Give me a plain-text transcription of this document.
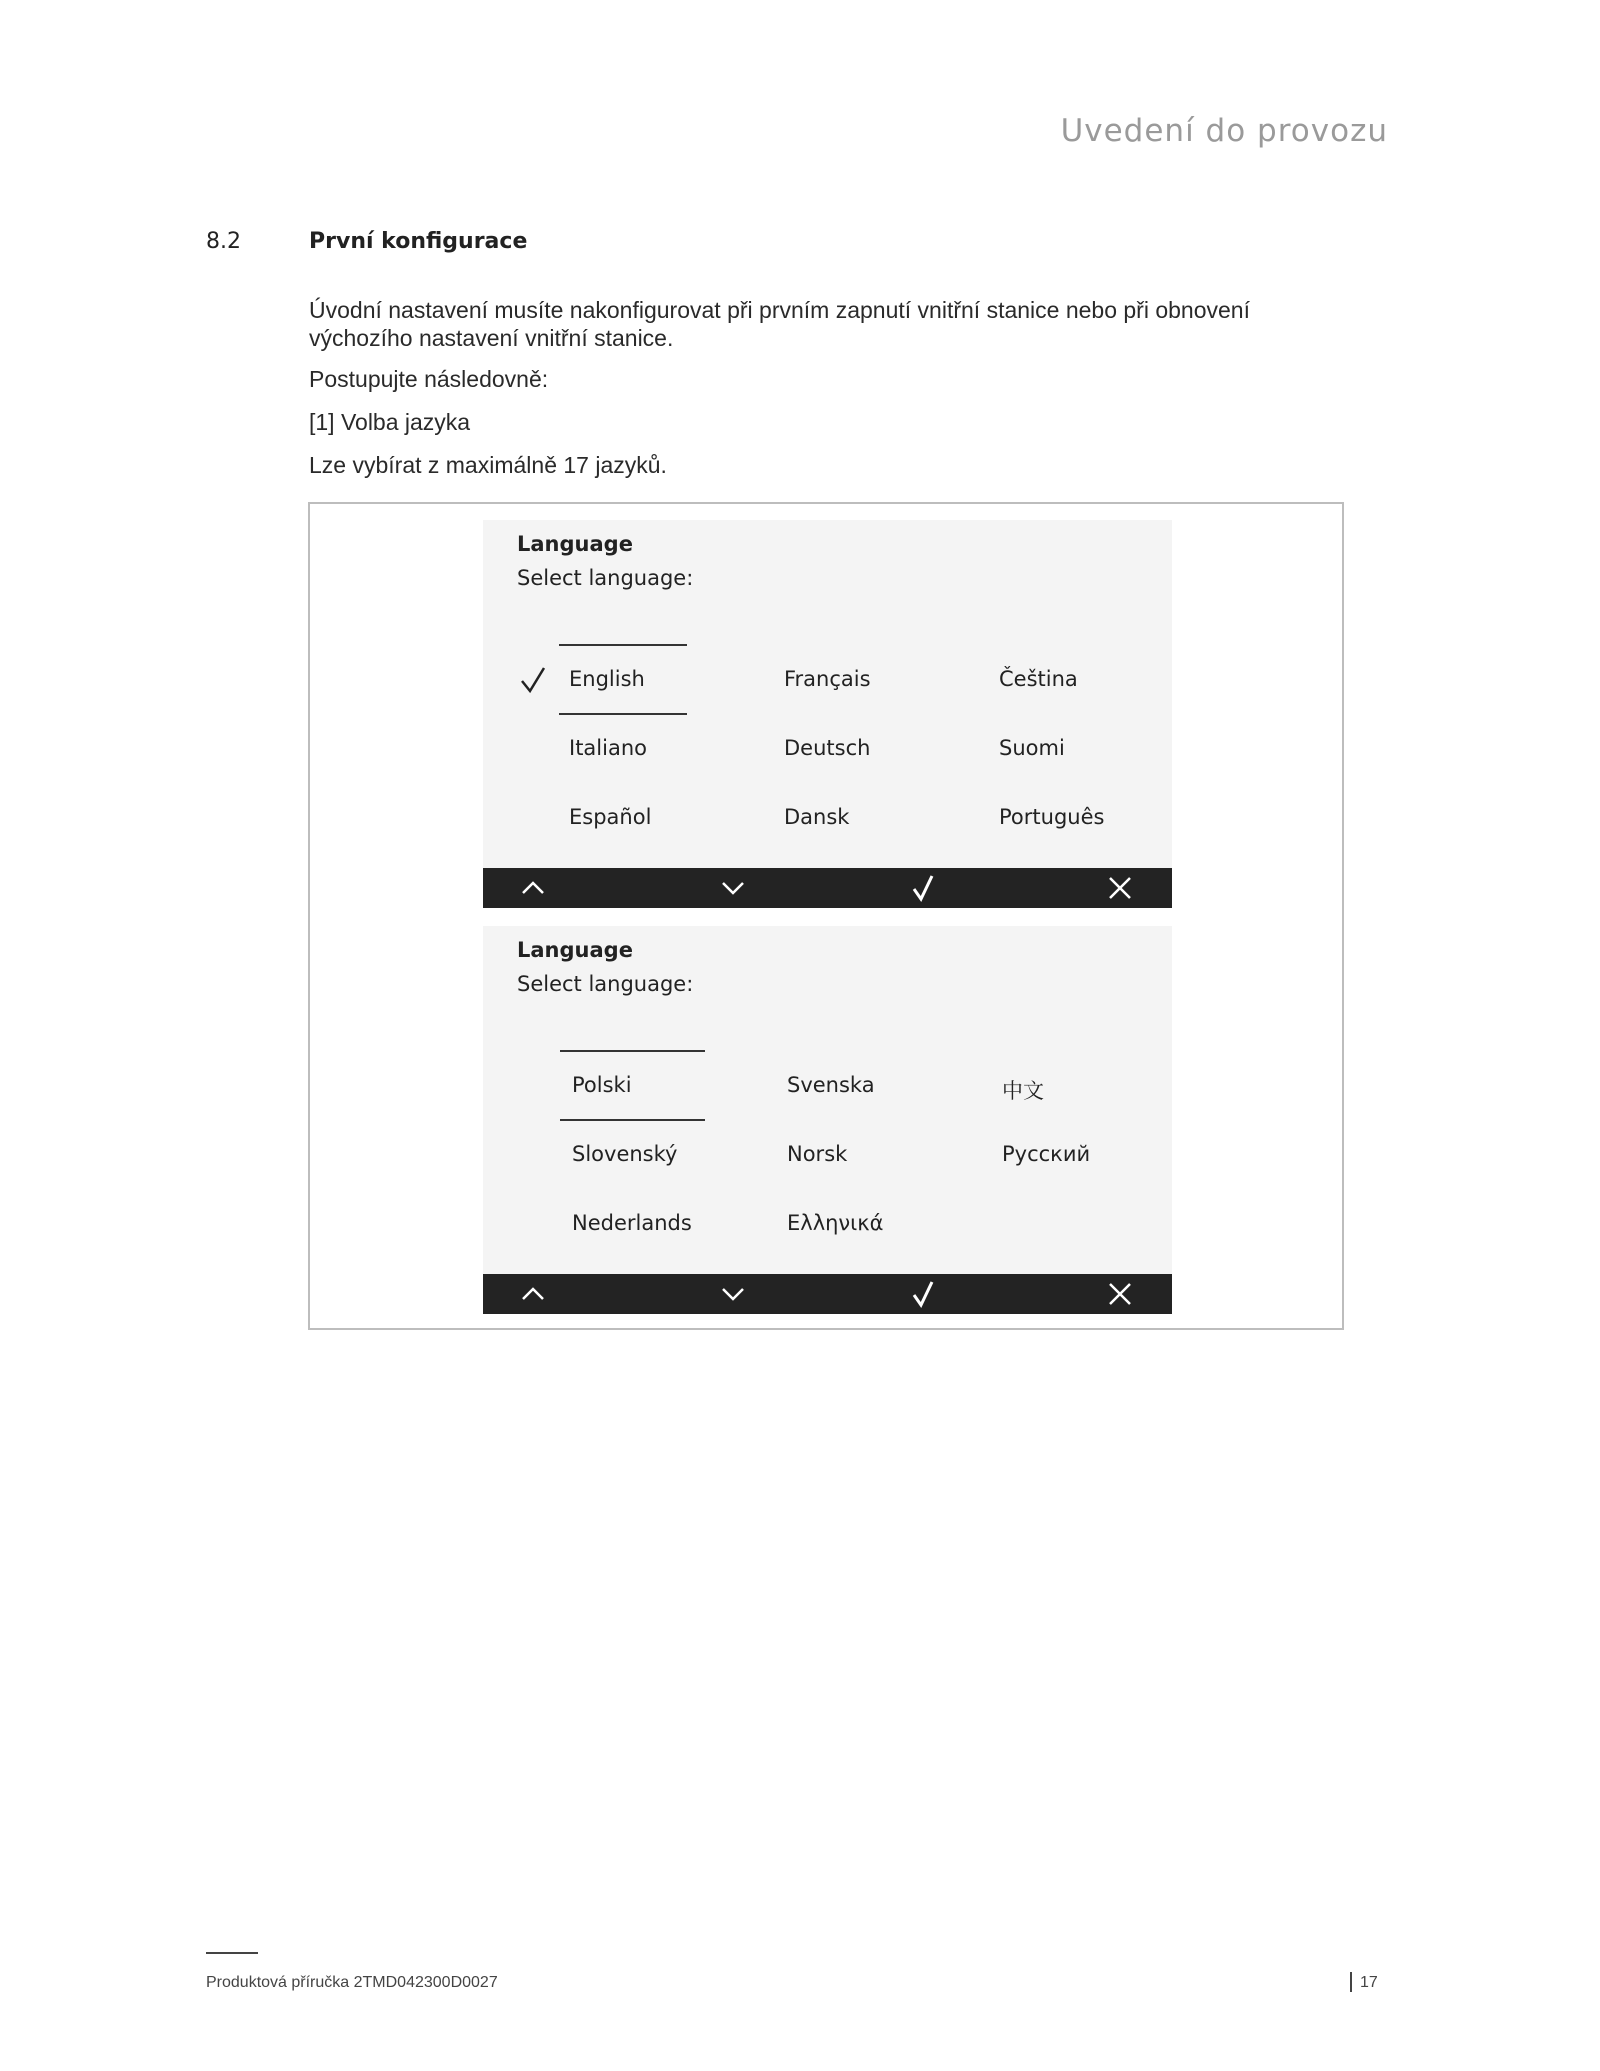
Uvedení do provozu
8.2	První konfigurace
Úvodní nastavení musíte nakonfigurovat při prvním zapnutí vnitřní stanice nebo při obnovení výchozího nastavení vnitřní stanice.
Postupujte následovně:
[1] Volba jazyka
Lze vybírat z maximálně 17 jazyků.
Language
Select language:
English	Français	Čeština
Italiano	Deutsch	Suomi
Español	Dansk	Português
Language
Select language:
Polski	Svenska	中文
Slovenský	Norsk	Русский
Nederlands	Ελληνικά
Produktová příručka 2TMD042300D0027	17
